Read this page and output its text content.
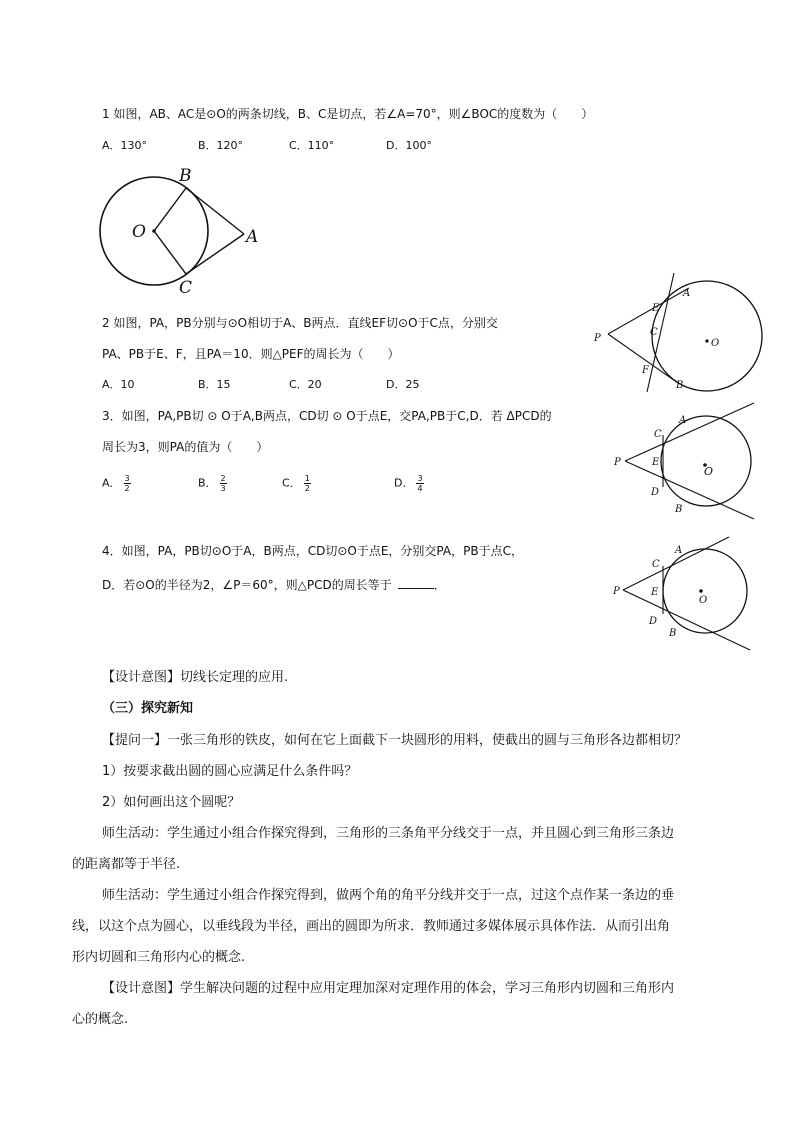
1 如图，AB、AC是⊙O的两条切线，B、C是切点，若∠A=70°，则∠BOC的度数为（　　）
A．130°	B．120°	C．110°	D．100°
B
O	A
C
2 如图，PA，PB分别与⊙O相切于A、B两点．直线EF切⊙O于C点，分别交
PA、PB于E、F，且PA＝10．则△PEF的周长为（　　）
A．10	B．15	C．20	D．25
P
E
A
C
O
F
B
3．如图，PA,PB切 ⊙ O于A,B两点，CD切 ⊙ O于点E，交PA,PB于C,D．若 ΔPCD的
周长为3，则PA的值为（　　）
A． $\frac{3}{2}$	B． $\frac{2}{3}$	C． $\frac{1}{2}$	D． $\frac{3}{4}$
P
A
C
E
O
D
B
4．如图，PA，PB切⊙O于A，B两点，CD切⊙O于点E，分别交PA，PB于点C，
D．若⊙O的半径为2，∠P＝60°，则△PCD的周长等于	．
A
C
P	E
O
D
B
【设计意图】切线长定理的应用.
（三）探究新知
【提问一】一张三角形的铁皮，如何在它上面截下一块圆形的用料，使截出的圆与三角形各边都相切？
1）按要求截出圆的圆心应满足什么条件吗？
2）如何画出这个圆呢？
师生活动：学生通过小组合作探究得到，三角形的三条角平分线交于一点，并且圆心到三角形三条边
的距离都等于半径.
师生活动：学生通过小组合作探究得到，做两个角的角平分线并交于一点，过这个点作某一条边的垂
线，以这个点为圆心，以垂线段为半径，画出的圆即为所求．教师通过多媒体展示具体作法．从而引出角
形内切圆和三角形内心的概念.
【设计意图】学生解决问题的过程中应用定理加深对定理作用的体会，学习三角形内切圆和三角形内
心的概念.
